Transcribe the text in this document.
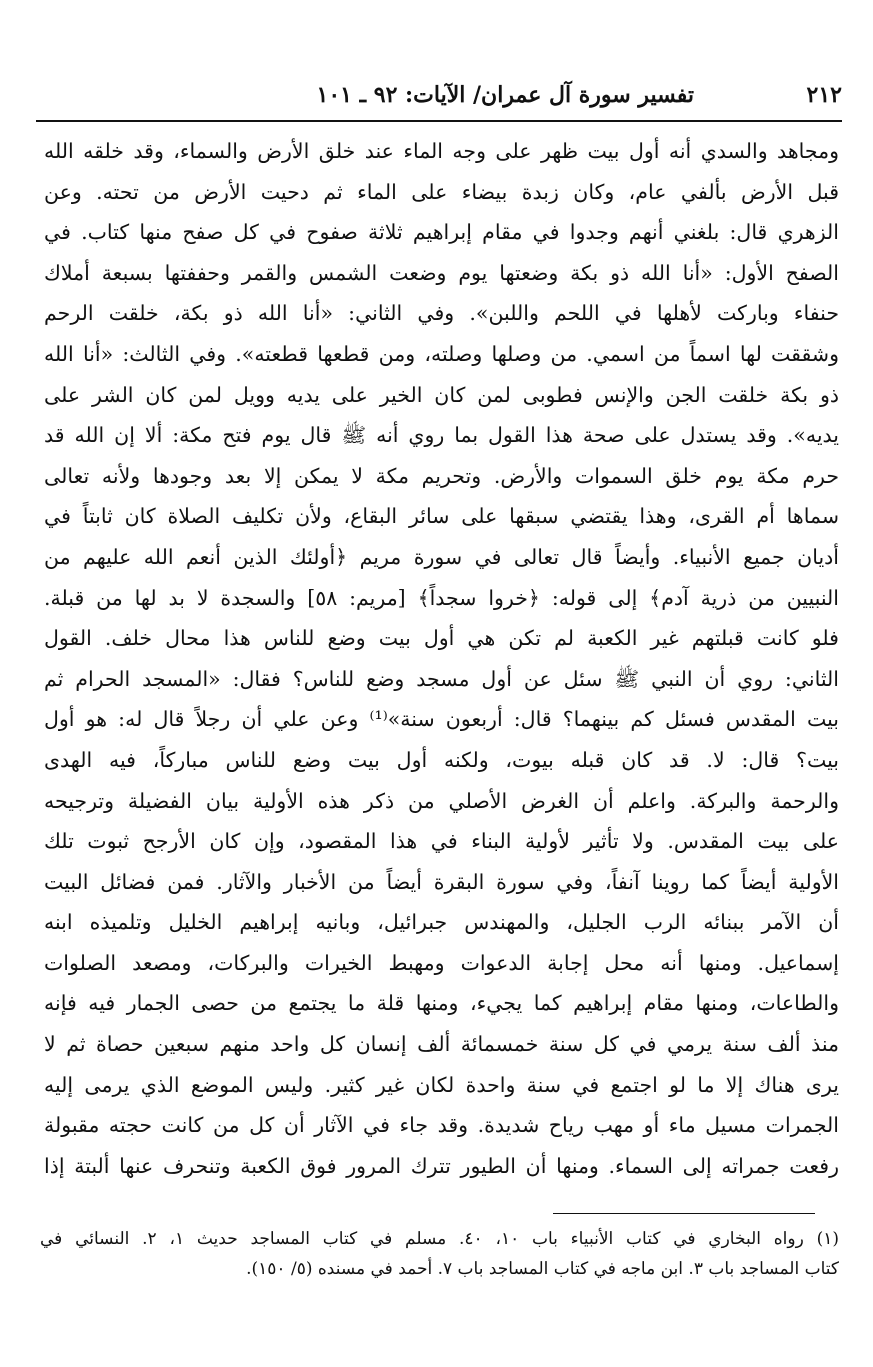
٢١٢
تفسير سورة آل عمران/ الآيات: ٩٢ ـ ١٠١
ومجاهد والسدي أنه أول بيت ظهر على وجه الماء عند خلق الأرض والسماء، وقد خلقه الله
قبل الأرض بألفي عام، وكان زبدة بيضاء على الماء ثم دحيت الأرض من تحته. وعن
الزهري قال: بلغني أنهم وجدوا في مقام إبراهيم ثلاثة صفوح في كل صفح منها كتاب. في
الصفح الأول: «أنا الله ذو بكة وضعتها يوم وضعت الشمس والقمر وحففتها بسبعة أملاك
حنفاء وباركت لأهلها في اللحم واللبن». وفي الثاني: «أنا الله ذو بكة، خلقت الرحم
وشققت لها اسماً من اسمي. من وصلها وصلته، ومن قطعها قطعته». وفي الثالث: «أنا الله
ذو بكة خلقت الجن والإنس فطوبى لمن كان الخير على يديه وويل لمن كان الشر على
يديه». وقد يستدل على صحة هذا القول بما روي أنه ﷺ قال يوم فتح مكة: ألا إن الله قد
حرم مكة يوم خلق السموات والأرض. وتحريم مكة لا يمكن إلا بعد وجودها ولأنه تعالى
سماها أم القرى، وهذا يقتضي سبقها على سائر البقاع، ولأن تكليف الصلاة كان ثابتاً في
أديان جميع الأنبياء. وأيضاً قال تعالى في سورة مريم ﴿أولئك الذين أنعم الله عليهم من
النبيين من ذرية آدم﴾ إلى قوله: ﴿خروا سجداً﴾ [مريم: ٥٨] والسجدة لا بد لها من قبلة.
فلو كانت قبلتهم غير الكعبة لم تكن هي أول بيت وضع للناس هذا محال خلف. القول
الثاني: روي أن النبي ﷺ سئل عن أول مسجد وضع للناس؟ فقال: «المسجد الحرام ثم
بيت المقدس فسئل كم بينهما؟ قال: أربعون سنة»⁽¹⁾ وعن علي أن رجلاً قال له: هو أول
بيت؟ قال: لا. قد كان قبله بيوت، ولكنه أول بيت وضع للناس مباركاً، فيه الهدى
والرحمة والبركة. واعلم أن الغرض الأصلي من ذكر هذه الأولية بيان الفضيلة وترجيحه
على بيت المقدس. ولا تأثير لأولية البناء في هذا المقصود، وإن كان الأرجح ثبوت تلك
الأولية أيضاً كما روينا آنفاً، وفي سورة البقرة أيضاً من الأخبار والآثار. فمن فضائل البيت
أن الآمر ببنائه الرب الجليل، والمهندس جبرائيل، وبانيه إبراهيم الخليل وتلميذه ابنه
إسماعيل. ومنها أنه محل إجابة الدعوات ومهبط الخيرات والبركات، ومصعد الصلوات
والطاعات، ومنها مقام إبراهيم كما يجيء، ومنها قلة ما يجتمع من حصى الجمار فيه فإنه
منذ ألف سنة يرمي في كل سنة خمسمائة ألف إنسان كل واحد منهم سبعين حصاة ثم لا
يرى هناك إلا ما لو اجتمع في سنة واحدة لكان غير كثير. وليس الموضع الذي يرمى إليه
الجمرات مسيل ماء أو مهب رياح شديدة. وقد جاء في الآثار أن كل من كانت حجته مقبولة
رفعت جمراته إلى السماء. ومنها أن الطيور تترك المرور فوق الكعبة وتنحرف عنها ألبتة إذا
(١) رواه البخاري في كتاب الأنبياء باب ١٠، ٤٠. مسلم في كتاب المساجد حديث ١، ٢. النسائي في
كتاب المساجد باب ٣. ابن ماجه في كتاب المساجد باب ٧. أحمد في مسنده (٥/ ١٥٠).
